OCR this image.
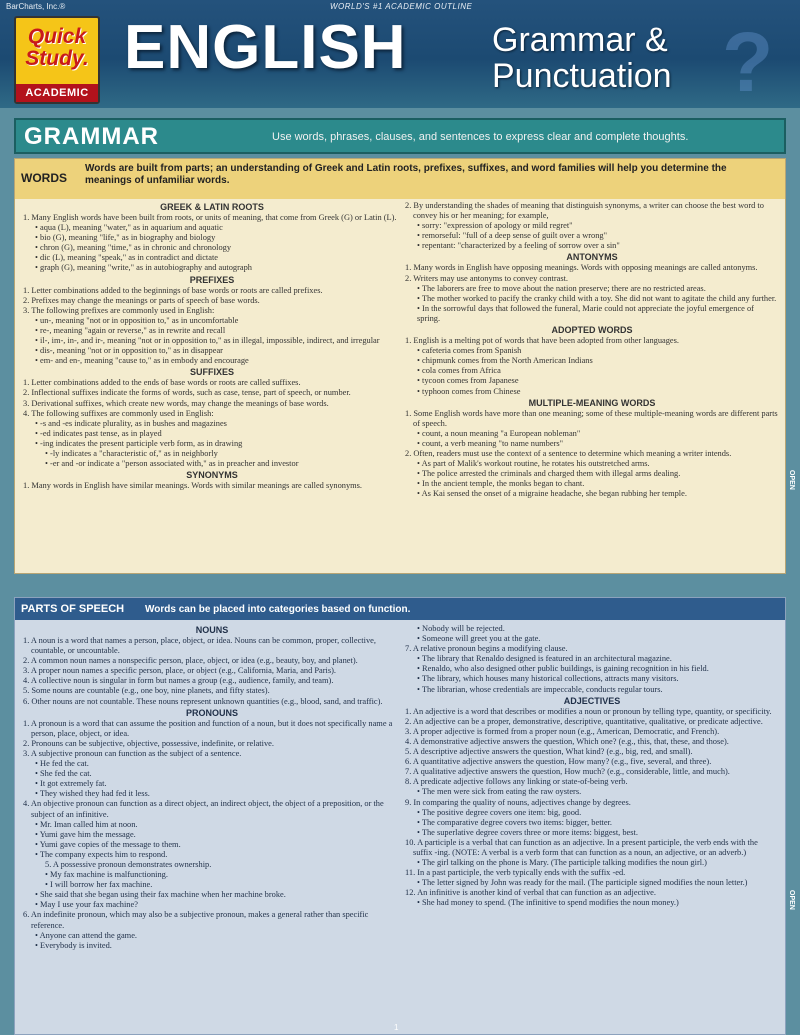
BarCharts, Inc.®	WORLD'S #1 ACADEMIC OUTLINE
Quick
Study.
ACADEMIC
ENGLISH	Grammar &
Punctuation ?
GRAMMAR	Use words, phrases, clauses, and sentences to express clear and complete thoughts.
WORDS
Words are built from parts; an understanding of Greek and Latin roots, prefixes, suffixes, and word families will help you determine the meanings of unfamiliar words.
GREEK & LATIN ROOTS

1. Many English words have been built from roots, or units of meaning, that come from Greek (G) or Latin (L).

• aqua (L), meaning "water," as in aquarium and aquatic

• bio (G), meaning "life," as in biography and biology

• chron (G), meaning "time," as in chronic and chronology

• dic (L), meaning "speak," as in contradict and dictate

• graph (G), meaning "write," as in autobiography and autograph

PREFIXES

1. Letter combinations added to the beginnings of base words or roots are called prefixes.

2. Prefixes may change the meanings or parts of speech of base words.

3. The following prefixes are commonly used in English:

• un-, meaning "not or in opposition to," as in uncomfortable

• re-, meaning "again or reverse," as in rewrite and recall

• il-, im-, in-, and ir-, meaning "not or in opposition to," as in illegal, impossible, indirect, and irregular

• dis-, meaning "not or in opposition to," as in disappear

• em- and en-, meaning "cause to," as in embody and encourage

SUFFIXES

1. Letter combinations added to the ends of base words or roots are called suffixes.

2. Inflectional suffixes indicate the forms of words, such as case, tense, part of speech, or number.

3. Derivational suffixes, which create new words, may change the meanings of base words.

4. The following suffixes are commonly used in English:

• -s and -es indicate plurality, as in bushes and magazines

• -ed indicates past tense, as in played

• -ing indicates the present participle verb form, as in drawing

• -ly indicates a "characteristic of," as in neighborly

• -er and -or indicate a "person associated with," as in preacher and investor

SYNONYMS

1. Many words in English have similar meanings. Words with similar meanings are called synonyms.

2. By understanding the shades of meaning that distinguish synonyms, a writer can choose the best word to convey his or her meaning; for example,

• sorry: "expression of apology or mild regret"

• remorseful: "full of a deep sense of guilt over a wrong"

• repentant: "characterized by a feeling of sorrow over a sin"

ANTONYMS

1. Many words in English have opposing meanings. Words with opposing meanings are called antonyms.

2. Writers may use antonyms to convey contrast.

• The laborers are free to move about the nation preserve; there are no restricted areas.

• The mother worked to pacify the cranky child with a toy. She did not want to agitate the child any further.

• In the sorrowful days that followed the funeral, Marie could not appreciate the joyful emergence of spring.

ADOPTED WORDS

1. English is a melting pot of words that have been adopted from other languages.

• cafeteria comes from Spanish

• chipmunk comes from the North American Indians

• cola comes from Africa

• tycoon comes from Japanese

• typhoon comes from Chinese

MULTIPLE-MEANING WORDS

1. Some English words have more than one meaning; some of these multiple-meaning words are different parts of speech.

• count, a noun meaning "a European nobleman"

• count, a verb meaning "to name numbers"

2. Often, readers must use the context of a sentence to determine which meaning a writer intends.

• As part of Malik's workout routine, he rotates his outstretched arms.

• The police arrested the criminals and charged them with illegal arms dealing.

• In the ancient temple, the monks began to chant.

• As Kai sensed the onset of a migraine headache, she began rubbing her temple.

PARTS OF SPEECH Words can be placed into categories based on function.
NOUNS

1. A noun is a word that names a person, place, object, or idea. Nouns can be common, proper, collective, countable, or uncountable.

2. A common noun names a nonspecific person, place, object, or idea (e.g., beauty, boy, and planet).

3. A proper noun names a specific person, place, or object (e.g., California, Maria, and Paris).

4. A collective noun is singular in form but names a group (e.g., audience, family, and team).

5. Some nouns are countable (e.g., one boy, nine planets, and fifty states).

6. Other nouns are not countable. These nouns represent unknown quantities (e.g., blood, sand, and traffic).

PRONOUNS

1. A pronoun is a word that can assume the position and function of a noun, but it does not specifically name a person, place, object, or idea.

2. Pronouns can be subjective, objective, possessive, indefinite, or relative.

3. A subjective pronoun can function as the subject of a sentence.

• He fed the cat.

• She fed the cat.

• It got extremely fat.

• They wished they had fed it less.

4. An objective pronoun can function as a direct object, an indirect object, the object of a preposition, or the subject of an infinitive.

• Mr. Iman called him at noon.

• Yumi gave him the message.

• Yumi gave copies of the message to them.

• The company expects him to respond.

5. A possessive pronoun demonstrates ownership.

• My fax machine is malfunctioning.

• I will borrow her fax machine.

• She said that she began using their fax machine when her machine broke.

• May I use your fax machine?

6. An indefinite pronoun, which may also be a subjective pronoun, makes a general rather than specific reference.

• Anyone can attend the game.

• Everybody is invited.

• Nobody will be rejected.

• Someone will greet you at the gate.

7. A relative pronoun begins a modifying clause.

• The library that Renaldo designed is featured in an architectural magazine.

• Renaldo, who also designed other public buildings, is gaining recognition in his field.

• The library, which houses many historical collections, attracts many visitors.

• The librarian, whose credentials are impeccable, conducts regular tours.

ADJECTIVES

1. An adjective is a word that describes or modifies a noun or pronoun by telling type, quantity, or specificity.

2. An adjective can be a proper, demonstrative, descriptive, quantitative, qualitative, or predicate adjective.

3. A proper adjective is formed from a proper noun (e.g., American, Democratic, and French).

4. A demonstrative adjective answers the question, Which one? (e.g., this, that, these, and those).

5. A descriptive adjective answers the question, What kind? (e.g., big, red, and small).

6. A quantitative adjective answers the question, How many? (e.g., five, several, and three).

7. A qualitative adjective answers the question, How much? (e.g., considerable, little, and much).

8. A predicate adjective follows any linking or state-of-being verb.

• The men were sick from eating the raw oysters.

9. In comparing the quality of nouns, adjectives change by degrees.

• The positive degree covers one item: big, good.

• The comparative degree covers two items: bigger, better.

• The superlative degree covers three or more items: biggest, best.

10. A participle is a verbal that can function as an adjective. In a present participle, the verb ends with the suffix -ing. (NOTE: A verbal is a verb form that can function as a noun, an adjective, or an adverb.)

• The girl talking on the phone is Mary. (The participle talking modifies the noun girl.)

11. In a past participle, the verb typically ends with the suffix -ed.

• The letter signed by John was ready for the mail. (The participle signed modifies the noun letter.)

12. An infinitive is another kind of verbal that can function as an adjective.

• She had money to spend. (The infinitive to spend modifies the noun money.)

OPEN
OPEN
1
